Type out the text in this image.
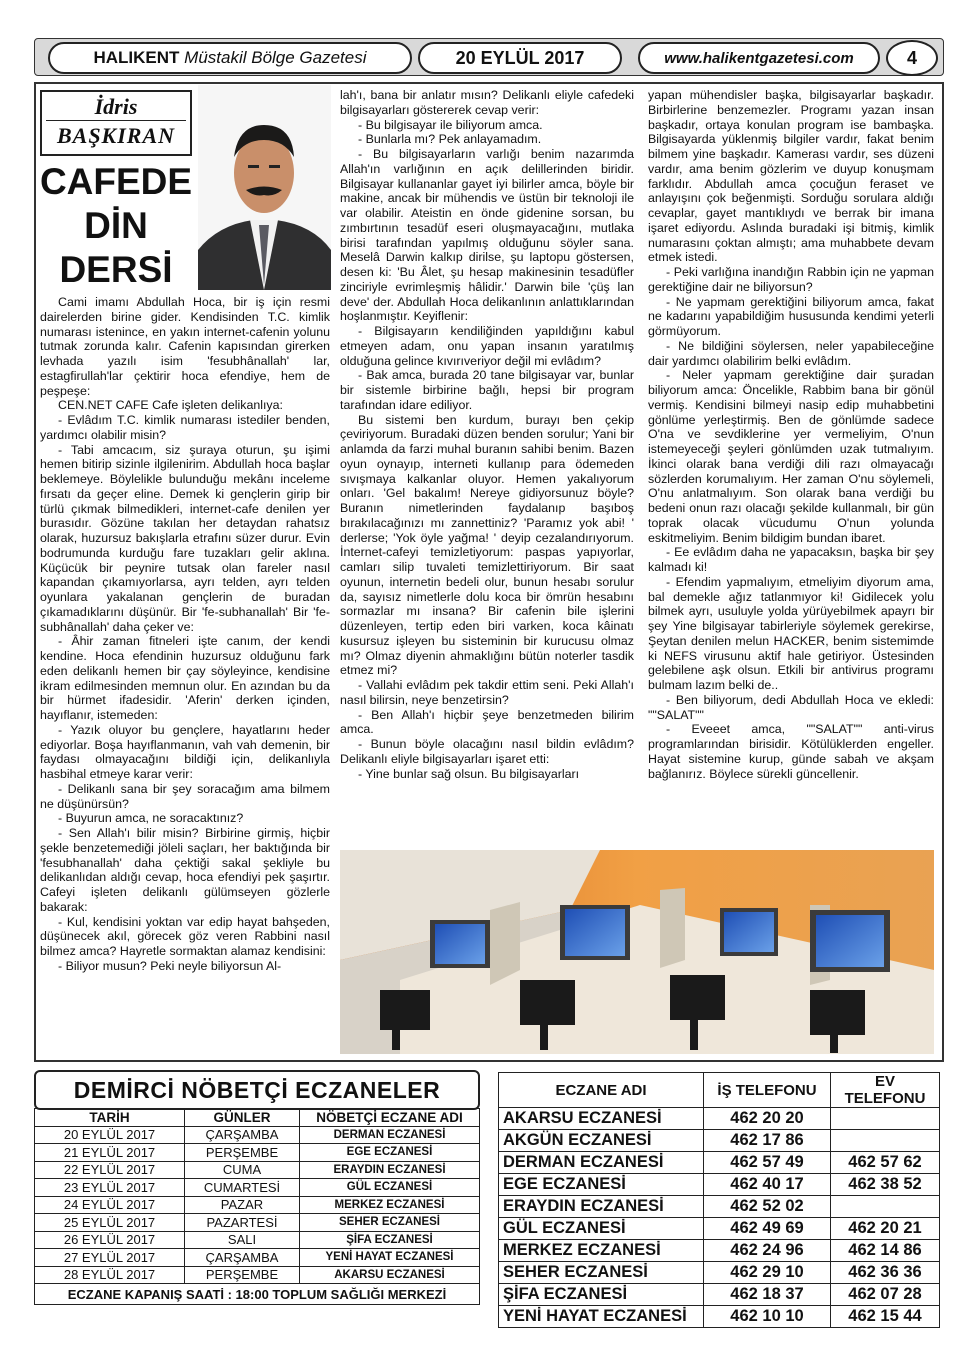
HALIKENT
Müstakil Bölge Gazetesi	20 EYLÜL 2017	www.halikentgazetesi.com	4
İdris
BAŞKIRAN
CAFEDE
DİN
DERSİ

Cami imamı Abdullah Hoca, bir iş için resmi dairelerden birine gider. Kendisinden T.C. kimlik numarası istenince, en yakın internet-cafenin yolunu tutmak zorunda kalır. Cafenin kapısından girerken levhada yazılı isim 'fesubhânallah' lar, estagfirullah'lar çektirir hoca efendiye, hem de peşpeşe:

CEN.NET CAFE Cafe işleten delikanlıya:

- Evlâdım T.C. kimlik numarası istediler benden, yardımcı olabilir misin?

- Tabi amcacım, siz şuraya oturun, şu işimi hemen bitirip sizinle ilgilenirim. Abdullah hoca başlar beklemeye. Böylelikle bulunduğu mekânı inceleme fırsatı da geçer eline. Demek ki gençlerin girip bir türlü çıkmak bilmedikleri, internet-cafe denilen yer burasıdır. Gözüne takılan her detaydan rahatsız olarak, huzursuz bakışlarla etrafını süzer durur. Evin bodrumunda kurduğu fare tuzakları gelir aklına. Küçücük bir peynire tutsak olan fareler nasıl kapandan çıkamıyorlarsa, ayrı telden, ayrı telden oyunlara yakalanan gençlerin de buradan çıkamadıklarını düşünür. Bir 'fe-subhanallah' Bir 'fe-subhânallah' daha çeker ve:

- Âhir zaman fitneleri işte canım, der kendi kendine. Hoca efendinin huzursuz olduğunu fark eden delikanlı hemen bir çay söyleyince, kendisine ikram edilmesinden memnun olur. En azından bu da bir hürmet ifadesidir. 'Aferin' derken içinden, hayıflanır, istemeden:

- Yazık oluyor bu gençlere, hayatlarını heder ediyorlar. Boşa hayıflanmanın, vah vah demenin, bir faydası olmayacağını bildiği için, delikanlıyla hasbihal etmeye karar verir:

- Delikanlı sana bir şey soracağım ama bilmem ne düşünürsün?

- Buyurun amca, ne soracaktınız?

- Sen Allah'ı bilir misin? Birbirine girmiş, hiçbir şekle benzetemediği jöleli saçları, her baktığında bir 'fesubhanallah' daha çektiği sakal şekliyle bu delikanlıdan aldığı cevap, hoca efendiyi pek şaşırtır. Cafeyi işleten delikanlı gülümseyen gözlerle bakarak:

- Kul, kendisini yoktan var edip hayat bahşeden, düşünecek akıl, görecek göz veren Rabbini nasıl bilmez amca? Hayretle sormaktan alamaz kendisini:

- Biliyor musun? Peki neyle biliyorsun Al-

lah'ı, bana bir anlatır mısın? Delikanlı eliyle cafedeki bilgisayarları göstererek cevap verir:

- Bu bilgisayar ile biliyorum amca.

- Bunlarla mı? Pek anlayamadım.

- Bu bilgisayarların varlığı benim nazarımda Allah'ın varlığının en açık delillerinden biridir. Bilgisayar kullananlar gayet iyi bilirler amca, böyle bir makine, ancak bir mühendis ve üstün bir teknoloji ile var olabilir. Ateistin en önde gidenine sorsan, bu zımbırtının tesadüf eseri oluşmayacağını, mutlaka birisi tarafından yapılmış olduğunu söyler sana. Meselâ Darwin kalkıp dirilse, şu laptopu göstersen, desen ki: 'Bu Âlet, şu hesap makinesinin tesadüfler zinciriyle evrimleşmiş hâlidir.' Darwin bile 'çüş lan deve' der. Abdullah Hoca delikanlının anlattıklarından hoşlanmıştır. Keyiflenir:

- Bilgisayarın kendiliğinden yapıldığını kabul etmeyen adam, onu yapan insanın yaratılmış olduğuna gelince kıvırıveriyor değil mi evlâdım?

- Bak amca, burada 20 tane bilgisayar var, bunlar bir sistemle birbirine bağlı, hepsi bir program tarafından idare ediliyor.

Bu sistemi ben kurdum, burayı ben çekip çeviriyorum. Buradaki düzen benden sorulur; Yani bir anlamda da farzi muhal buranın sahibi benim. Bazen oyun oynayıp, interneti kullanıp para ödemeden sıvışmaya kalkanlar oluyor. Hemen yakalıyorum onları. 'Gel bakalım! Nereye gidiyorsunuz böyle? Buranın nimetlerinden faydalanıp başıboş bırakılacağınızı mı zannettiniz? 'Paramız yok abi! ' derlerse; 'Yok öyle yağma! ' deyip cezalandırıyorum. İnternet-cafeyi temizletiyorum: paspas yapıyorlar, camları silip tuvaleti temizlettiriyorum. Bir saat oyunun, internetin bedeli olur, bunun hesabı sorulur da, sayısız nimetlerle dolu koca bir ömrün hesabını sormazlar mı insana? Bir cafenin bile işlerini düzenleyen, tertip eden biri varken, koca kâinatı kusursuz işleyen bu sisteminin bir kurucusu olmaz mı? Olmaz diyenin ahmaklığını bütün noterler tasdik etmez mi?

- Vallahi evlâdım pek takdir ettim seni. Peki Allah'ı nasıl bilirsin, neye benzetirsin?

- Ben Allah'ı hiçbir şeye benzetmeden bilirim amca.

- Bunun böyle olacağını nasıl bildin evlâdım? Delikanlı eliyle bilgisayarları işaret etti:

- Yine bunlar sağ olsun. Bu bilgisayarları

yapan mühendisler başka, bilgisayarlar başkadır. Birbirlerine benzemezler. Programı yazan insan başkadır, ortaya konulan program ise bambaşka. Bilgisayarda yüklenmiş bilgiler vardır, fakat benim bilmem yine başkadır. Kamerası vardır, ses düzeni vardır, ama benim gözlerim ve duyup konuşmam farklıdır. Abdullah amca çocuğun feraset ve anlayışını çok beğenmişti. Sorduğu sorulara aldığı cevaplar, gayet mantıklıydı ve berrak bir imana işaret ediyordu. Aslında buradaki işi bitmiş, kimlik numarasını çoktan almıştı; ama muhabbete devam etmek istedi.

- Peki varlığına inandığın Rabbin için ne yapman gerektiğine dair ne biliyorsun?

- Ne yapmam gerektiğini biliyorum amca, fakat ne kadarını yapabildiğim hususunda kendimi yeterli görmüyorum.

- Ne bildiğini söylersen, neler yapabileceğine dair yardımcı olabilirim belki evlâdım.

- Neler yapmam gerektiğine dair şuradan biliyorum amca: Öncelikle, Rabbim bana bir gönül vermiş. Kendisini bilmeyi nasip edip muhabbetini gönlüme yerleştirmiş. Ben de gönlümde sadece O'na ve sevdiklerine yer vermeliyim, O'nun istemeyeceği şeyleri gönlümden uzak tutmalıyım. İkinci olarak bana verdiği dili razı olmayacağı sözlerden korumalıyım. Her zaman O'nu söylemeli, O'nu anlatmalıyım. Son olarak bana verdiği bu bedeni onun razı olacağı şekilde kullanmalı, bir gün toprak olacak vücudumu O'nun yolunda eskitmeliyim. Benim bildigim bundan ibaret.

- Ee evlâdım daha ne yapacaksın, başka bir şey kalmadı ki!

- Efendim yapmalıyım, etmeliyim diyorum ama, bal demekle ağız tatlanmıyor ki! Gidilecek yolu bilmek ayrı, usuluyle yolda yürüyebilmek apayrı bir şey Yine bilgisayar tabirleriyle söylemek gerekirse, Şeytan denilen melun HACKER, benim sistemimde ki NEFS virusunu aktif hale getiriyor. Üstesinden gelebilene aşk olsun. Etkili bir antivirus programı bulmam lazım belki de..

- Ben biliyorum, dedi Abdullah Hoca ve ekledi: ""SALAT""

- Eveeet amca, ""SALAT"" anti-virus programlarından birisidir. Kötülüklerden engeller. Hayat sistemine kurup, günde sabah ve akşam bağlanırız. Böylece sürekli güncellenir.

DEMİRCİ NÖBETÇİ ECZANELER
TARİH	GÜNLER	NÖBETÇİ ECZANE ADI
20 EYLÜL 2017	ÇARŞAMBA	DERMAN ECZANESİ
21 EYLÜL 2017	PERŞEMBE	EGE ECZANESİ
22 EYLÜL 2017	CUMA	ERAYDIN ECZANESİ
23 EYLÜL 2017	CUMARTESİ	GÜL ECZANESİ
24 EYLÜL 2017	PAZAR	MERKEZ ECZANESİ
25 EYLÜL 2017	PAZARTESİ	SEHER ECZANESİ
26 EYLÜL 2017	SALI	ŞİFA ECZANESİ
27 EYLÜL 2017	ÇARŞAMBA	YENİ HAYAT ECZANESİ
28 EYLÜL 2017	PERŞEMBE	AKARSU ECZANESİ
ECZANE KAPANIŞ SAATİ : 18:00 TOPLUM SAĞLIĞI MERKEZİ		
ECZANE ADI	İŞ TELEFONU	EV TELEFONU
AKARSU ECZANESİ	462 20 20	
AKGÜN ECZANESİ	462 17 86	
DERMAN ECZANESİ	462 57 49	462 57 62
EGE ECZANESİ	462 40 17	462 38 52
ERAYDIN ECZANESİ	462 52 02	
GÜL ECZANESİ	462 49 69	462 20 21
MERKEZ ECZANESİ	462 24 96	462 14 86
SEHER ECZANESİ	462 29 10	462 36 36
ŞİFA ECZANESİ	462 18 37	462 07 28
YENİ HAYAT ECZANESİ	462 10 10	462 15 44
